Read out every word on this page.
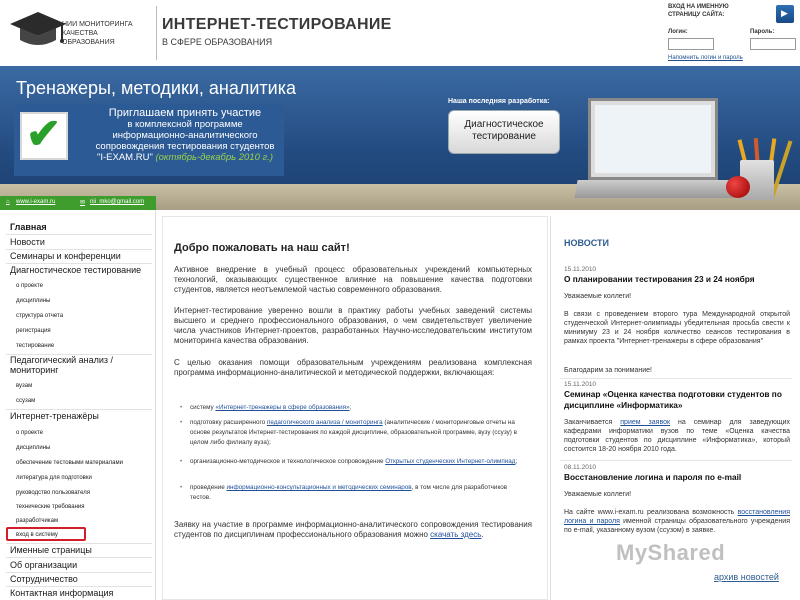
НИИ МОНИТОРИНГА
КАЧЕСТВА ОБРАЗОВАНИЯ
ИНТЕРНЕТ-ТЕСТИРОВАНИЕ
В СФЕРЕ ОБРАЗОВАНИЯ
ВХОД НА ИМЕННУЮ СТРАНИЦУ САЙТА:
▶
Логин:	Пароль:
Напомнить логин и пароль
Тренажеры, методики, аналитика
✔	Приглашаем принять участие
в комплексной программе
информационно-аналитического
сопровождения тестирования студентов
"I-EXAM.RU" (октябрь-декабрь 2010 г.)
Наша последняя разработка:
Диагностическое
тестирование
⌂ www.i-exam.ru	✉ nii_mko@gmail.com
Главная
Новости
Семинары и конференции
Диагностическое тестирование
о проекте
дисциплины
структура отчета
регистрация
тестирование
Педагогический анализ /
мониторинг
вузам
ссузам
Интернет-тренажёры
о проекте
дисциплины
обеспечение тестовыми материалами
литература для подготовки
руководство пользователя
технические требования
разработчикам
вход в систему
Именные страницы
Об организации
Сотрудничество
Контактная информация
Добро пожаловать на наш сайт!
Активное внедрение в учебный процесс образовательных учреждений компьютерных технологий, оказывающих существенное влияние на повышение качества подготовки студентов, является неотъемлемой частью современного образования.
Интернет-тестирование уверенно вошли в практику работы учебных заведений системы высшего и среднего профессионального образования, о чем свидетельствует увеличение числа участников Интернет-проектов, разработанных Научно-исследовательским институтом мониторинга качества образования.
С целью оказания помощи образовательным учреждениям реализована комплексная программа информационно-аналитической и методической поддержки, включающая:
• систему «Интернет-тренажеры в сфере образования»;
• подготовку расширенного педагогического анализа / мониторинга (аналитические / мониторинговые отчеты на основе результатов Интернет-тестирования по каждой дисциплине, образовательной программе, вузу (ссузу) в целом либо филиалу вуза);
• организационно-методическое и технологическое сопровождение Открытых студенческих Интернет-олимпиад;
• проведение информационно-консультационных и методических семинаров, в том числе для разработчиков тестов.
Заявку на участие в программе информационно-аналитического сопровождения тестирования студентов по дисциплинам профессионального образования можно скачать здесь.
НОВОСТИ
15.11.2010
О планировании тестирования 23 и 24 ноября
Уважаемые коллеги!
В связи с проведением второго тура Международной открытой студенческой Интернет-олимпиады убедительная просьба свести к минимуму 23 и 24 ноября количество сеансов тестирования в рамках проекта "Интернет-тренажеры в сфере образования"
Благодарим за понимание!
15.11.2010
Семинар «Оценка качества подготовки студентов по дисциплине «Информатика»
Заканчивается прием заявок на семинар для заведующих кафедрами информатики вузов по теме «Оценка качества подготовки студентов по дисциплине «Информатика», который состоится 18-20 ноября 2010 года.
08.11.2010
Восстановление логина и пароля по e-mail
Уважаемые коллеги!
На сайте www.i-exam.ru реализована возможность восстановления логина и пароля именной страницы образовательного учреждения по e-mail, указанному вузом (ссузом) в заявке.
архив новостей
MyShared
